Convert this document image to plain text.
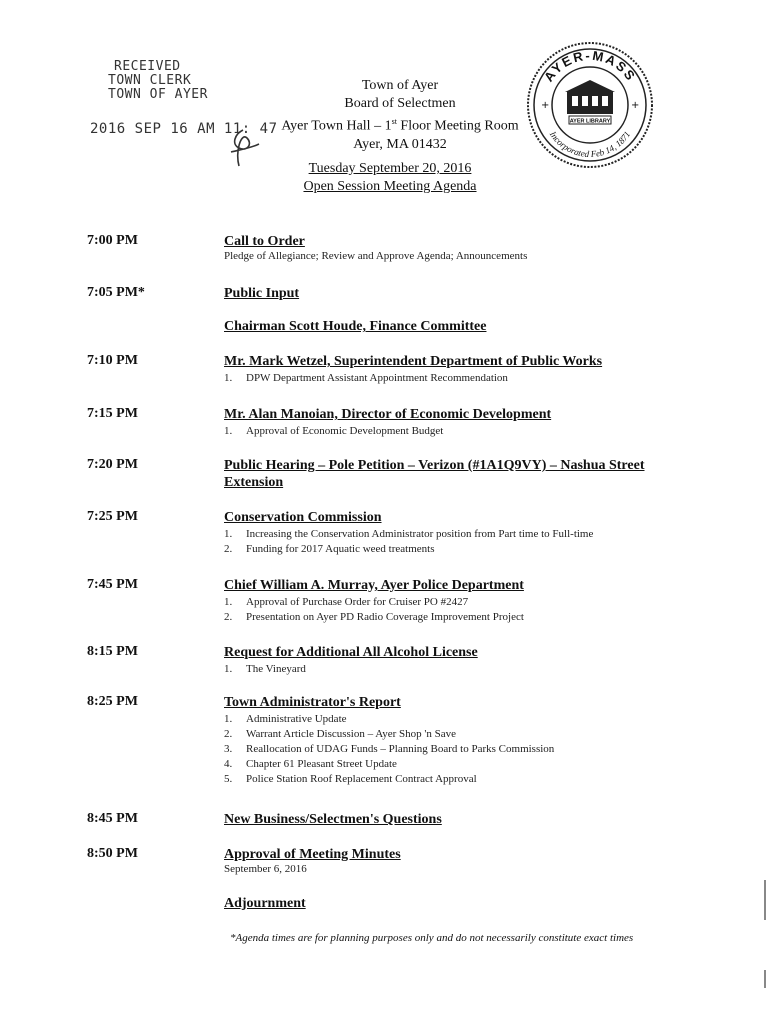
RECEIVED
TOWN CLERK
TOWN OF AYER
2016 SEP 16 AM 11: 47
Town of Ayer
Board of Selectmen
Ayer Town Hall – 1st Floor Meeting Room
Ayer, MA 01432
AYER-MASS
Incorporated Feb 14, 1871
AYER LIBRARY
+	+
Tuesday September 20, 2016
Open Session Meeting Agenda
7:00 PM	Call to Order
Pledge of Allegiance; Review and Approve Agenda; Announcements
7:05 PM*	Public Input
Chairman Scott Houde, Finance Committee
7:10 PM	Mr. Mark Wetzel, Superintendent Department of Public Works
1. DPW Department Assistant Appointment Recommendation
7:15 PM	Mr. Alan Manoian, Director of Economic Development
1. Approval of Economic Development Budget
7:20 PM	Public Hearing – Pole Petition – Verizon (#1A1Q9VY) – Nashua Street Extension
7:25 PM	Conservation Commission
1. Increasing the Conservation Administrator position from Part time to Full-time
2. Funding for 2017 Aquatic weed treatments
7:45 PM	Chief William A. Murray, Ayer Police Department
1. Approval of Purchase Order for Cruiser PO #2427
2. Presentation on Ayer PD Radio Coverage Improvement Project
8:15 PM	Request for Additional All Alcohol License
1. The Vineyard
8:25 PM	Town Administrator's Report
1. Administrative Update
2. Warrant Article Discussion – Ayer Shop 'n Save
3. Reallocation of UDAG Funds – Planning Board to Parks Commission
4. Chapter 61 Pleasant Street Update
5. Police Station Roof Replacement Contract Approval
8:45 PM	New Business/Selectmen's Questions
8:50 PM	Approval of Meeting Minutes
September 6, 2016
Adjournment
*Agenda times are for planning purposes only and do not necessarily constitute exact times
